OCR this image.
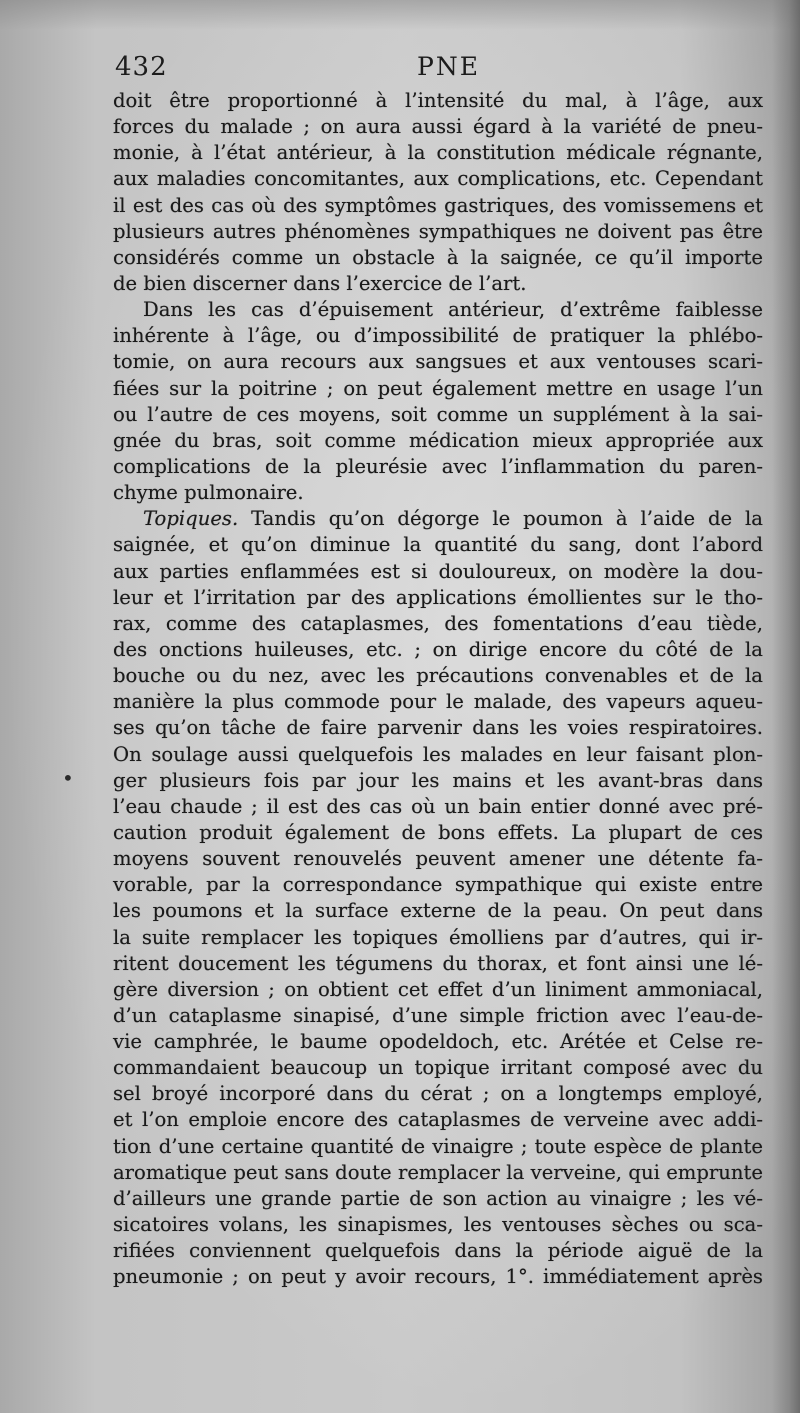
432	PNE
•
doit être proportionné à l’intensité du mal, à l’âge, aux
forces du malade ; on aura aussi égard à la variété de pneu-
monie, à l’état antérieur, à la constitution médicale régnante,
aux maladies concomitantes, aux complications, etc. Cependant
il est des cas où des symptômes gastriques, des vomissemens et
plusieurs autres phénomènes sympathiques ne doivent pas être
considérés comme un obstacle à la saignée, ce qu’il importe
de bien discerner dans l’exercice de l’art.
Dans les cas d’épuisement antérieur, d’extrême faiblesse
inhérente à l’âge, ou d’impossibilité de pratiquer la phlébo-
tomie, on aura recours aux sangsues et aux ventouses scari-
fiées sur la poitrine ; on peut également mettre en usage l’un
ou l’autre de ces moyens, soit comme un supplément à la sai-
gnée du bras, soit comme médication mieux appropriée aux
complications de la pleurésie avec l’inflammation du paren-
chyme pulmonaire.
Topiques. Tandis qu’on dégorge le poumon à l’aide de la
saignée, et qu’on diminue la quantité du sang, dont l’abord
aux parties enflammées est si douloureux, on modère la dou-
leur et l’irritation par des applications émollientes sur le tho-
rax, comme des cataplasmes, des fomentations d’eau tiède,
des onctions huileuses, etc. ; on dirige encore du côté de la
bouche ou du nez, avec les précautions convenables et de la
manière la plus commode pour le malade, des vapeurs aqueu-
ses qu’on tâche de faire parvenir dans les voies respiratoires.
On soulage aussi quelquefois les malades en leur faisant plon-
ger plusieurs fois par jour les mains et les avant-bras dans
l’eau chaude ; il est des cas où un bain entier donné avec pré-
caution produit également de bons effets. La plupart de ces
moyens souvent renouvelés peuvent amener une détente fa-
vorable, par la correspondance sympathique qui existe entre
les poumons et la surface externe de la peau. On peut dans
la suite remplacer les topiques émolliens par d’autres, qui ir-
ritent doucement les tégumens du thorax, et font ainsi une lé-
gère diversion ; on obtient cet effet d’un liniment ammoniacal,
d’un cataplasme sinapisé, d’une simple friction avec l’eau-de-
vie camphrée, le baume opodeldoch, etc. Arétée et Celse re-
commandaient beaucoup un topique irritant composé avec du
sel broyé incorporé dans du cérat ; on a longtemps employé,
et l’on emploie encore des cataplasmes de verveine avec addi-
tion d’une certaine quantité de vinaigre ; toute espèce de plante
aromatique peut sans doute remplacer la verveine, qui emprunte
d’ailleurs une grande partie de son action au vinaigre ; les vé-
sicatoires volans, les sinapismes, les ventouses sèches ou sca-
rifiées conviennent quelquefois dans la période aiguë de la
pneumonie ; on peut y avoir recours, 1°. immédiatement après
